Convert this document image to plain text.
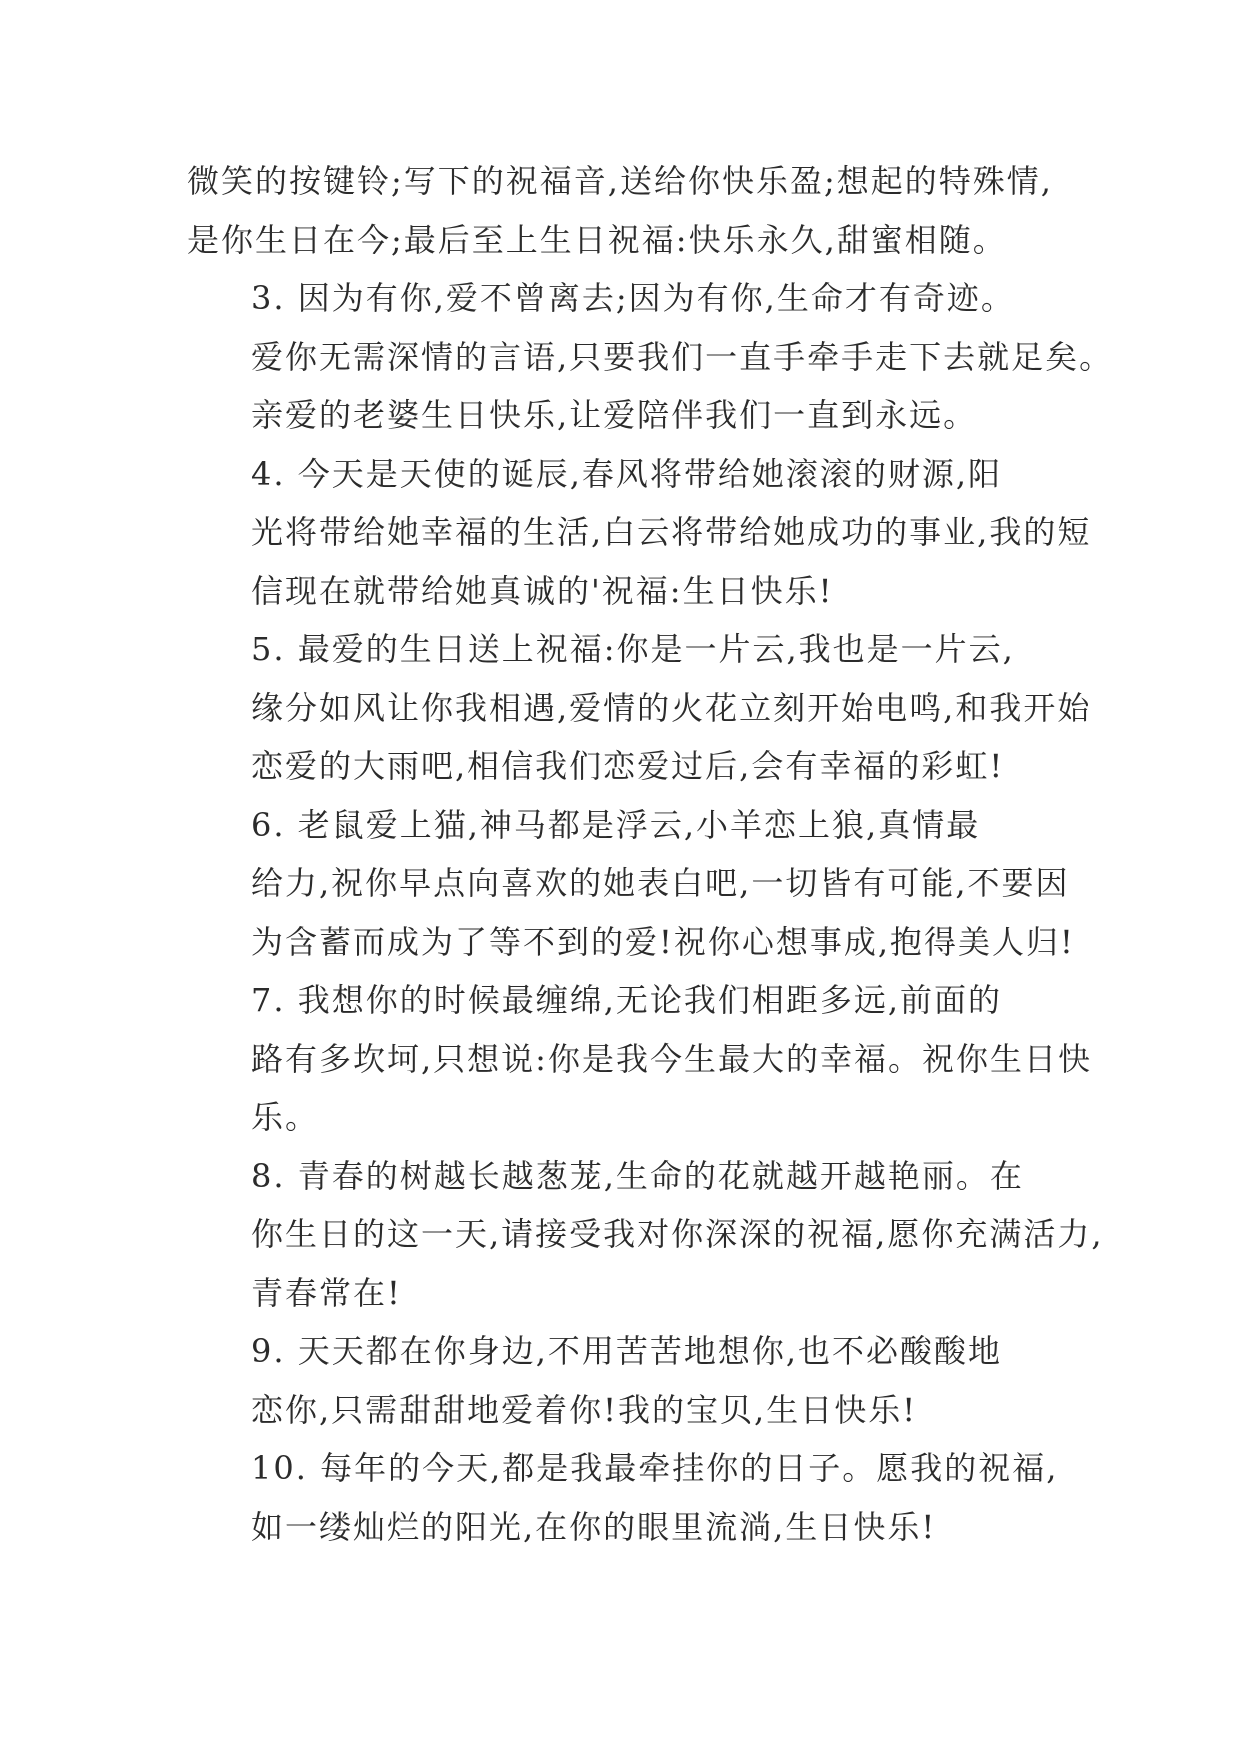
微笑的按键铃;写下的祝福音,送给你快乐盈;想起的特殊情,
是你生日在今;最后至上生日祝福:快乐永久,甜蜜相随。

3. 因为有你,爱不曾离去;因为有你,生命才有奇迹。
爱你无需深情的言语,只要我们一直手牵手走下去就足矣。
亲爱的老婆生日快乐,让爱陪伴我们一直到永远。

4. 今天是天使的诞辰,春风将带给她滚滚的财源,阳
光将带给她幸福的生活,白云将带给她成功的事业,我的短
信现在就带给她真诚的'祝福:生日快乐!

5. 最爱的生日送上祝福:你是一片云,我也是一片云,
缘分如风让你我相遇,爱情的火花立刻开始电鸣,和我开始
恋爱的大雨吧,相信我们恋爱过后,会有幸福的彩虹!

6. 老鼠爱上猫,神马都是浮云,小羊恋上狼,真情最
给力,祝你早点向喜欢的她表白吧,一切皆有可能,不要因
为含蓄而成为了等不到的爱!祝你心想事成,抱得美人归!

7. 我想你的时候最缠绵,无论我们相距多远,前面的
路有多坎坷,只想说:你是我今生最大的幸福。祝你生日快
乐。

8. 青春的树越长越葱茏,生命的花就越开越艳丽。在
你生日的这一天,请接受我对你深深的祝福,愿你充满活力,
青春常在!

9. 天天都在你身边,不用苦苦地想你,也不必酸酸地
恋你,只需甜甜地爱着你!我的宝贝,生日快乐!

10. 每年的今天,都是我最牵挂你的日子。愿我的祝福,
如一缕灿烂的阳光,在你的眼里流淌,生日快乐!
